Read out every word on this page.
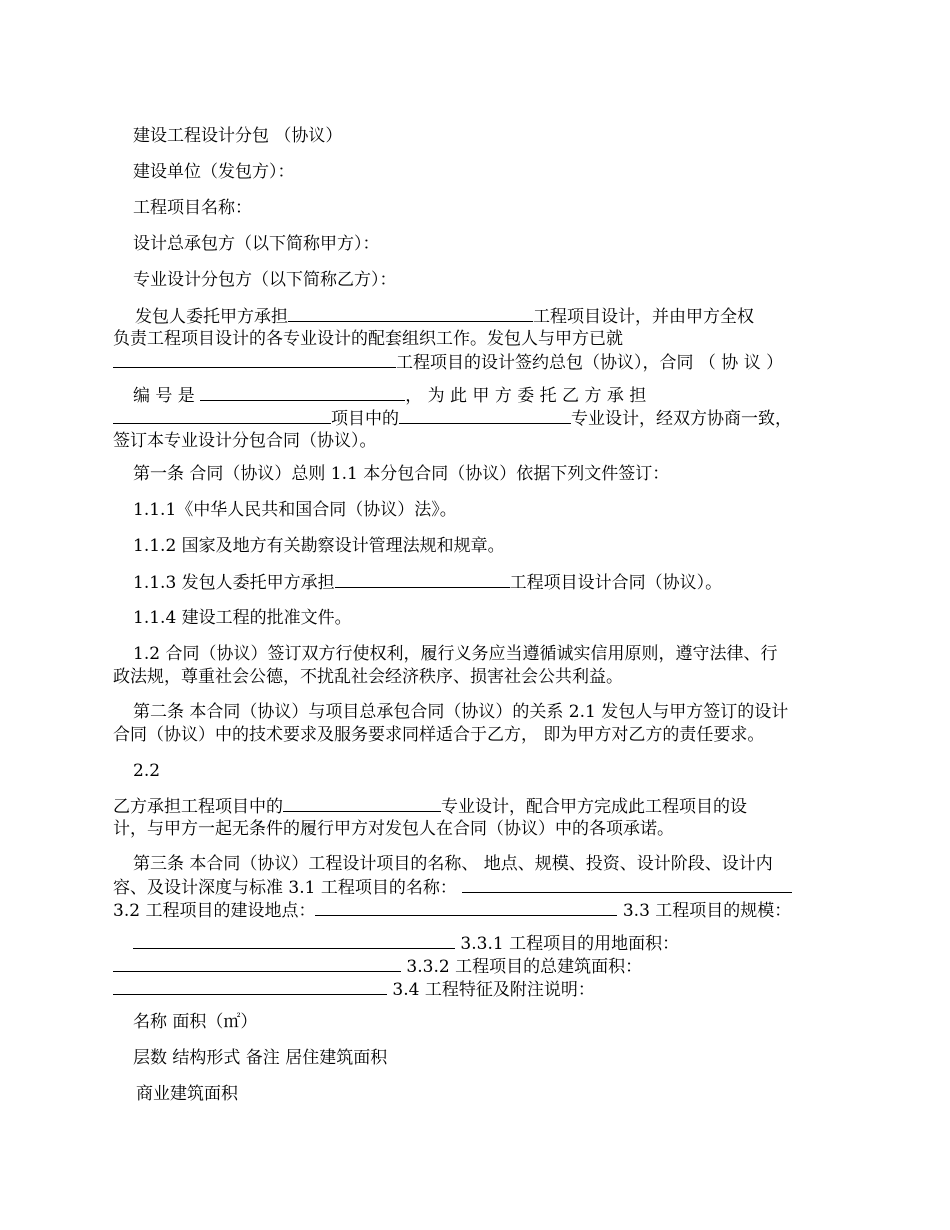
建设工程设计分包 （协议）
建设单位（发包方）：
工程项目名称：
设计总承包方（以下简称甲方）：
专业设计分包方（以下简称乙方）：
发包人委托甲方承担	工程项目设计，并由甲方全权
负责工程项目设计的各专业设计的配套组织工作。发包人与甲方已就
工程项目的设计签约总包（协议），合同 （ 协 议 ）
编 号 是	， 为 此 甲 方 委 托 乙 方 承 担
项目中的	专业设计，经双方协商一致，
签订本专业设计分包合同（协议）。
第一条 合同（协议）总则 1.1 本分包合同（协议）依据下列文件签订：
1.1.1《中华人民共和国合同（协议）法》。
1.1.2 国家及地方有关勘察设计管理法规和规章。
1.1.3 发包人委托甲方承担	工程项目设计合同（协议）。
1.1.4 建设工程的批准文件。
1.2 合同（协议）签订双方行使权利，履行义务应当遵循诚实信用原则，遵守法律、行
政法规，尊重社会公德，不扰乱社会经济秩序、损害社会公共利益。
第二条 本合同（协议）与项目总承包合同（协议）的关系 2.1 发包人与甲方签订的设计
合同（协议）中的技术要求及服务要求同样适合于乙方， 即为甲方对乙方的责任要求。
2.2
乙方承担工程项目中的	专业设计，配合甲方完成此工程项目的设
计，与甲方一起无条件的履行甲方对发包人在合同（协议）中的各项承诺。
第三条 本合同（协议）工程设计项目的名称、 地点、规模、投资、设计阶段、设计内
容、及设计深度与标准 3.1 工程项目的名称：
3.2 工程项目的建设地点：	3.3 工程项目的规模：
3.3.1 工程项目的用地面积：
3.3.2 工程项目的总建筑面积：
3.4 工程特征及附注说明：
名称 面积（㎡）
层数 结构形式 备注 居住建筑面积
商业建筑面积
